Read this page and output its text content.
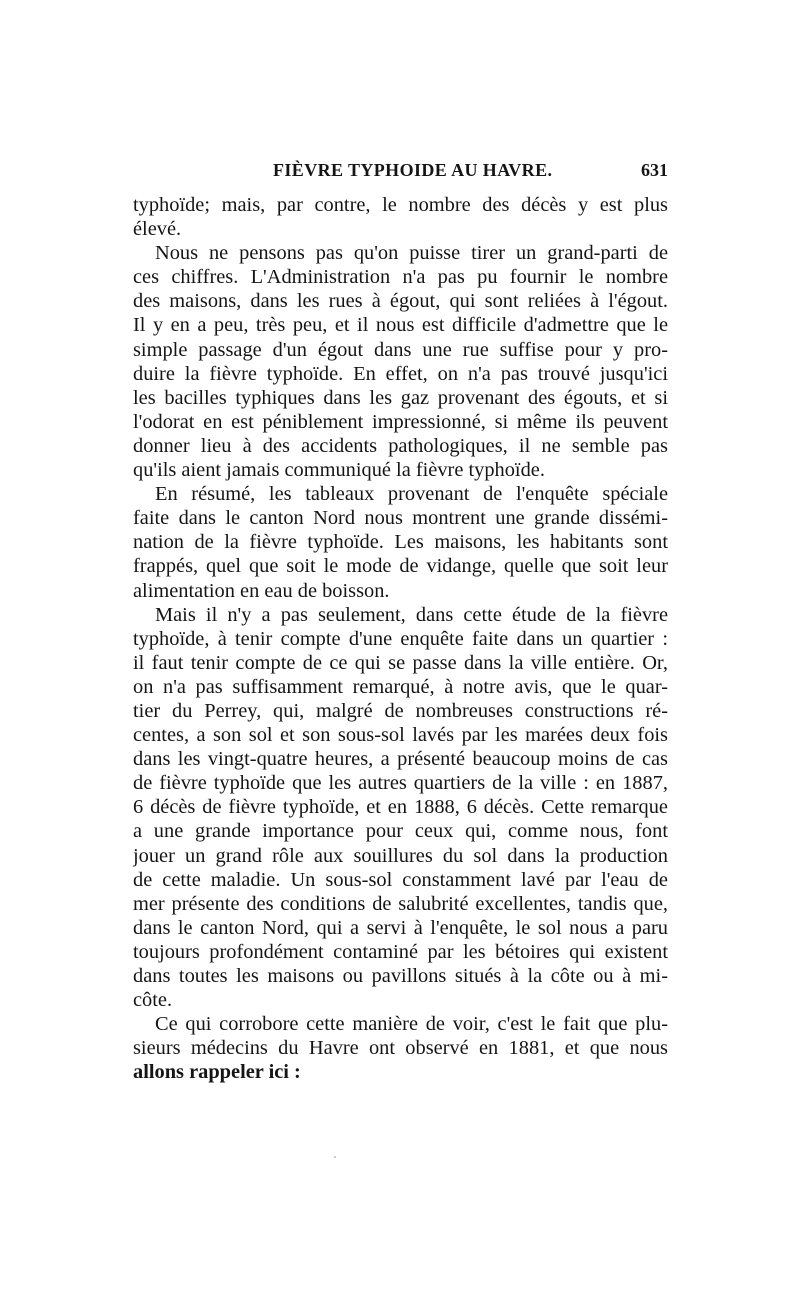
FIÈVRE TYPHOIDE AU HAVRE.	631
typhoïde; mais, par contre, le nombre des décès y est plus
élevé.
Nous ne pensons pas qu'on puisse tirer un grand-parti de
ces chiffres. L'Administration n'a pas pu fournir le nombre
des maisons, dans les rues à égout, qui sont reliées à l'égout.
Il y en a peu, très peu, et il nous est difficile d'admettre que le
simple passage d'un égout dans une rue suffise pour y pro-
duire la fièvre typhoïde. En effet, on n'a pas trouvé jusqu'ici
les bacilles typhiques dans les gaz provenant des égouts, et si
l'odorat en est péniblement impressionné, si même ils peuvent
donner lieu à des accidents pathologiques, il ne semble pas
qu'ils aient jamais communiqué la fièvre typhoïde.
En résumé, les tableaux provenant de l'enquête spéciale
faite dans le canton Nord nous montrent une grande dissémi-
nation de la fièvre typhoïde. Les maisons, les habitants sont
frappés, quel que soit le mode de vidange, quelle que soit leur
alimentation en eau de boisson.
Mais il n'y a pas seulement, dans cette étude de la fièvre
typhoïde, à tenir compte d'une enquête faite dans un quartier :
il faut tenir compte de ce qui se passe dans la ville entière. Or,
on n'a pas suffisamment remarqué, à notre avis, que le quar-
tier du Perrey, qui, malgré de nombreuses constructions ré-
centes, a son sol et son sous-sol lavés par les marées deux fois
dans les vingt-quatre heures, a présenté beaucoup moins de cas
de fièvre typhoïde que les autres quartiers de la ville : en 1887,
6 décès de fièvre typhoïde, et en 1888, 6 décès. Cette remarque
a une grande importance pour ceux qui, comme nous, font
jouer un grand rôle aux souillures du sol dans la production
de cette maladie. Un sous-sol constamment lavé par l'eau de
mer présente des conditions de salubrité excellentes, tandis que,
dans le canton Nord, qui a servi à l'enquête, le sol nous a paru
toujours profondément contaminé par les bétoires qui existent
dans toutes les maisons ou pavillons situés à la côte ou à mi-
côte.
Ce qui corrobore cette manière de voir, c'est le fait que plu-
sieurs médecins du Havre ont observé en 1881, et que nous
allons rappeler ici :
